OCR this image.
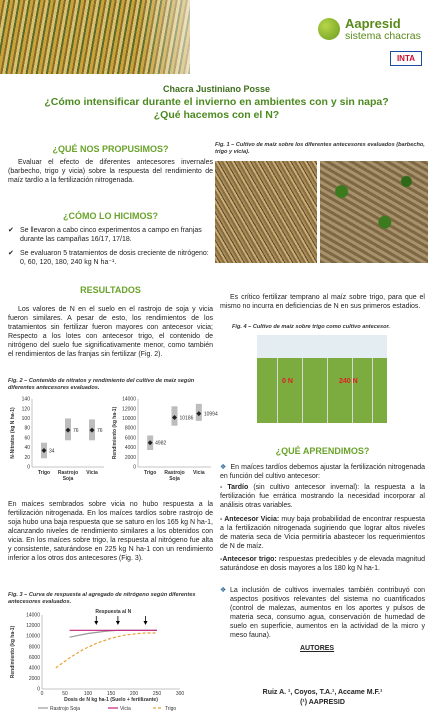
Aapresid
sistema chacras
INTA
Chacra Justiniano Posse
¿Cómo intensificar durante el invierno en ambientes con y sin napa?¿Qué hacemos con el N?
¿QUÉ NOS PROPUSIMOS?
Evaluar el efecto de diferentes antecesores invernales (barbecho, trigo y vicia) sobre la respuesta del rendimiento de maíz tardío a la fertilización nitrogenada.
¿CÓMO LO HICIMOS?
✔ Se llevaron a cabo cinco experimentos a campo en franjas durante las campañas 16/17, 17/18.
✔ Se evaluaron 5 tratamientos de dosis creciente de nitrógeno: 0, 60, 120, 180, 240 kg N ha⁻¹.
RESULTADOS
Los valores de N en el suelo en el rastrojo de soja y vicia fueron similares. A pesar de esto, los rendimientos de los tratamientos sin fertilizar fueron mayores con antecesor vicia; Respecto a los lotes con antecesor trigo, el contenido de nitrógeno del suelo fue significativamente menor, como también el rendimientos de las franjas sin fertilizar (Fig. 2).
Fig. 2 – Contenido de nitratos y rendimiento del cultivo de maíz según diferentes antecesores evaluados.
0
20
40
60
80
100
120
140
N-Nitratos (kg N ha-1)
Trigo
34
Rastrojo
Soja
76
Vicia
76
0
2000
4000
6000
8000
10000
12000
14000
Rendimiento (kg ha-1)
Trigo
4982
Rastrojo
Soja
10186
Vicia
10994
En maíces sembrados sobre vicia no hubo respuesta a la fertilización nitrogenada. En los maíces tardíos sobre rastrojo de soja hubo una baja respuesta que se saturo en los 165 kg N ha-1, alcanzando niveles de rendimiento similares a los obtenidos con vicia. En los maíces sobre trigo, la respuesta al nitrógeno fue alta y consistente, saturándose en 225 kg N ha-1 con un rendimiento inferior a los otros dos antecesores (Fig. 3).
Fig. 3 – Curva de respuesta al agregado de nitrógeno según diferentes antecesores evaluados.
0
2000
4000
6000
8000
10000
12000
14000
0	50	100	150	200	250	300
Dosis de N kg ha-1 (Suelo + fertilizante)
Rendimiento (kg ha-1)
Respuesta al N
Rastrojo Soja	Vicia	Trigo
Fig. 1 – Cultivo de maíz sobre los diferentes antecesores evaluados (barbecho, trigo y vicia).
Es crítico fertilizar temprano al maíz sobre trigo, para que el mismo no incurra en deficiencias de N en sus primeros estadios.
Fig. 4 – Cultivo de maíz sobre trigo como cultivo antecesor.
0 N	240 N
¿QUÉ APRENDIMOS?
❖ En maíces tardíos debemos ajustar la fertilización nitrogenada en función del cultivo antecesor:
- Tardío (sin cultivo antecesor invernal): la respuesta a la fertilización fue errática mostrando la necesidad incorporar al análisis otras variables.
- Antecesor Vicia: muy baja probabilidad de encontrar respuesta a la fertilización nitrogenada sugiriendo que lograr altos niveles de materia seca de Vicia permitiría abastecer los requerimientos de N de maíz.
-Antecesor trigo: respuestas predecibles y de elevada magnitud saturándose en dosis mayores a los 180 kg N ha-1.
❖ La inclusión de cultivos invernales también contribuyó con aspectos positivos relevantes del sistema no cuantificados (control de malezas, aumentos en los aportes y pulsos de materia seca, consumo agua, conservación de humedad de suelo en superficie, aumentos en la actividad de la micro y meso fauna).
AUTORES
Ruiz A. ¹, Coyos, T.A.¹, Accame M.F.¹
(¹) AAPRESID
